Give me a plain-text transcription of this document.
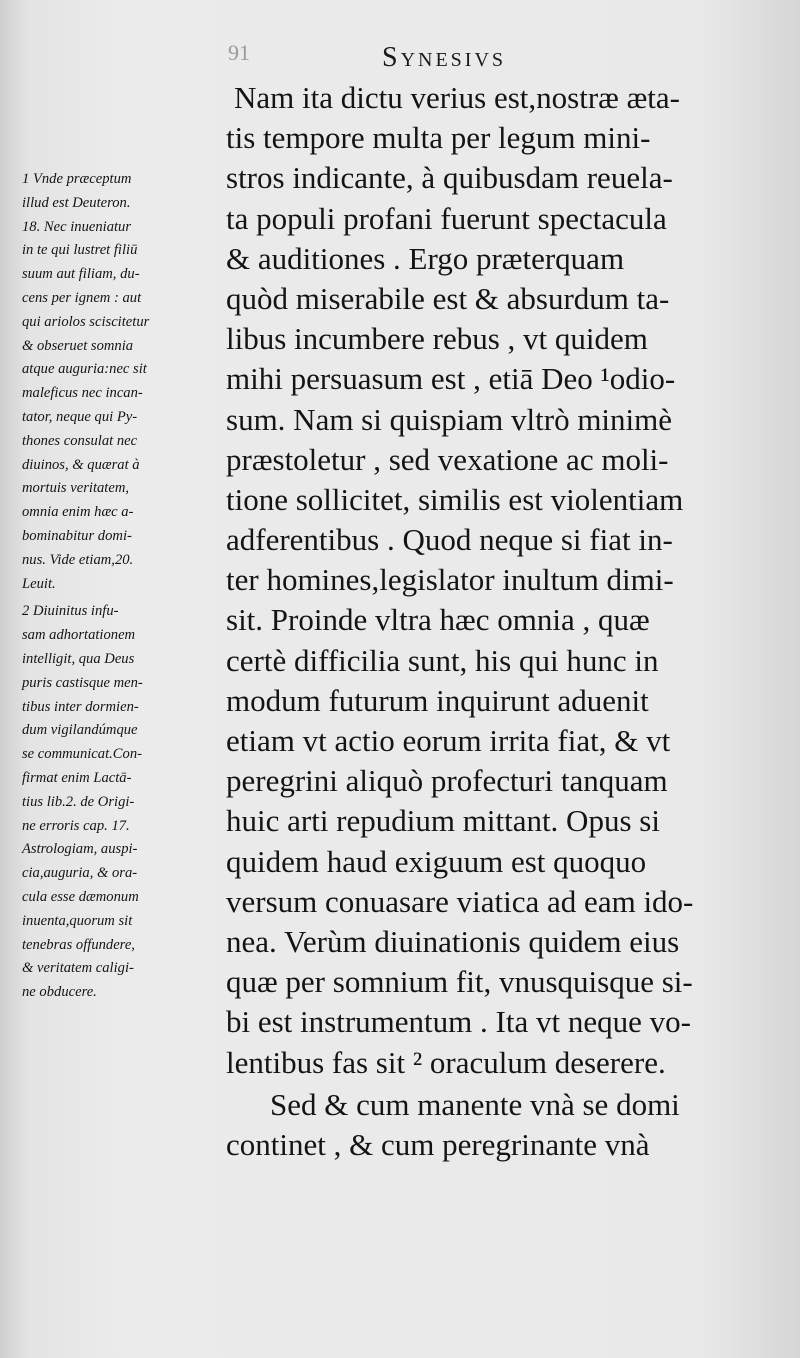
91	Synesivs
Nam ita dictu verius est,nostræ ætа-
tis tempore multa per legum mini-
stros indicante, à quibusdam reuela-
ta populi profani fuerunt spectacula
& auditiones . Ergo præterquam
quòd miserabile est & absurdum ta-
libus incumbere rebus , vt quidem
mihi persuasum est , etiā Deo ¹odio-
sum. Nam si quispiam vltrò minimè
præstoletur , sed vexatione ac moli-
tione sollicitet, similis est violentiam
adferentibus . Quod neque si fiat in-
ter homines,legislator inultum dimi-
sit. Proinde vltra hæc omnia , quæ
certè difficilia sunt, his qui hunc in
modum futurum inquirunt aduenit
etiam vt actio eorum irrita fiat, & vt
peregrini aliquò profecturi tanquam
huic arti repudium mittant. Opus si
quidem haud exiguum est quoquo
versum conuasare viatica ad eam ido-
nea. Verùm diuinationis quidem eius
quæ per somnium fit, vnusquisque si-
bi est instrumentum . Ita vt neque vo-
lentibus fas sit ² oraculum deserere.
Sed & cum manente vnà se domi
continet , & cum peregrinante vnà
1 Vnde præceptum
illud est Deuteron.
18. Nec inueniatur
in te qui lustret filiū
suum aut filiam, du-
cens per ignem : aut
qui ariolos sciscitetur
& obseruet somnia
atque auguria:nec sit
maleficus nec incan-
tator, neque qui Py-
thones consulat nec
diuinos, & quærat à
mortuis veritatem,
omnia enim hæc a-
bominabitur domi-
nus. Vide etiam,20.
Leuit.
2 Diuinitus infu-
sam adhortationem
intelligit, qua Deus
puris castisque men-
tibus inter dormien-
dum vigilandúmque
se communicat.Con-
firmat enim Lactā-
tius lib.2. de Origi-
ne erroris cap. 17.
Astrologiam, auspi-
cia,auguria, & ora-
cula esse dæmonum
inuenta,quorum sit
tenebras offundere,
& veritatem caligi-
ne obducere.
